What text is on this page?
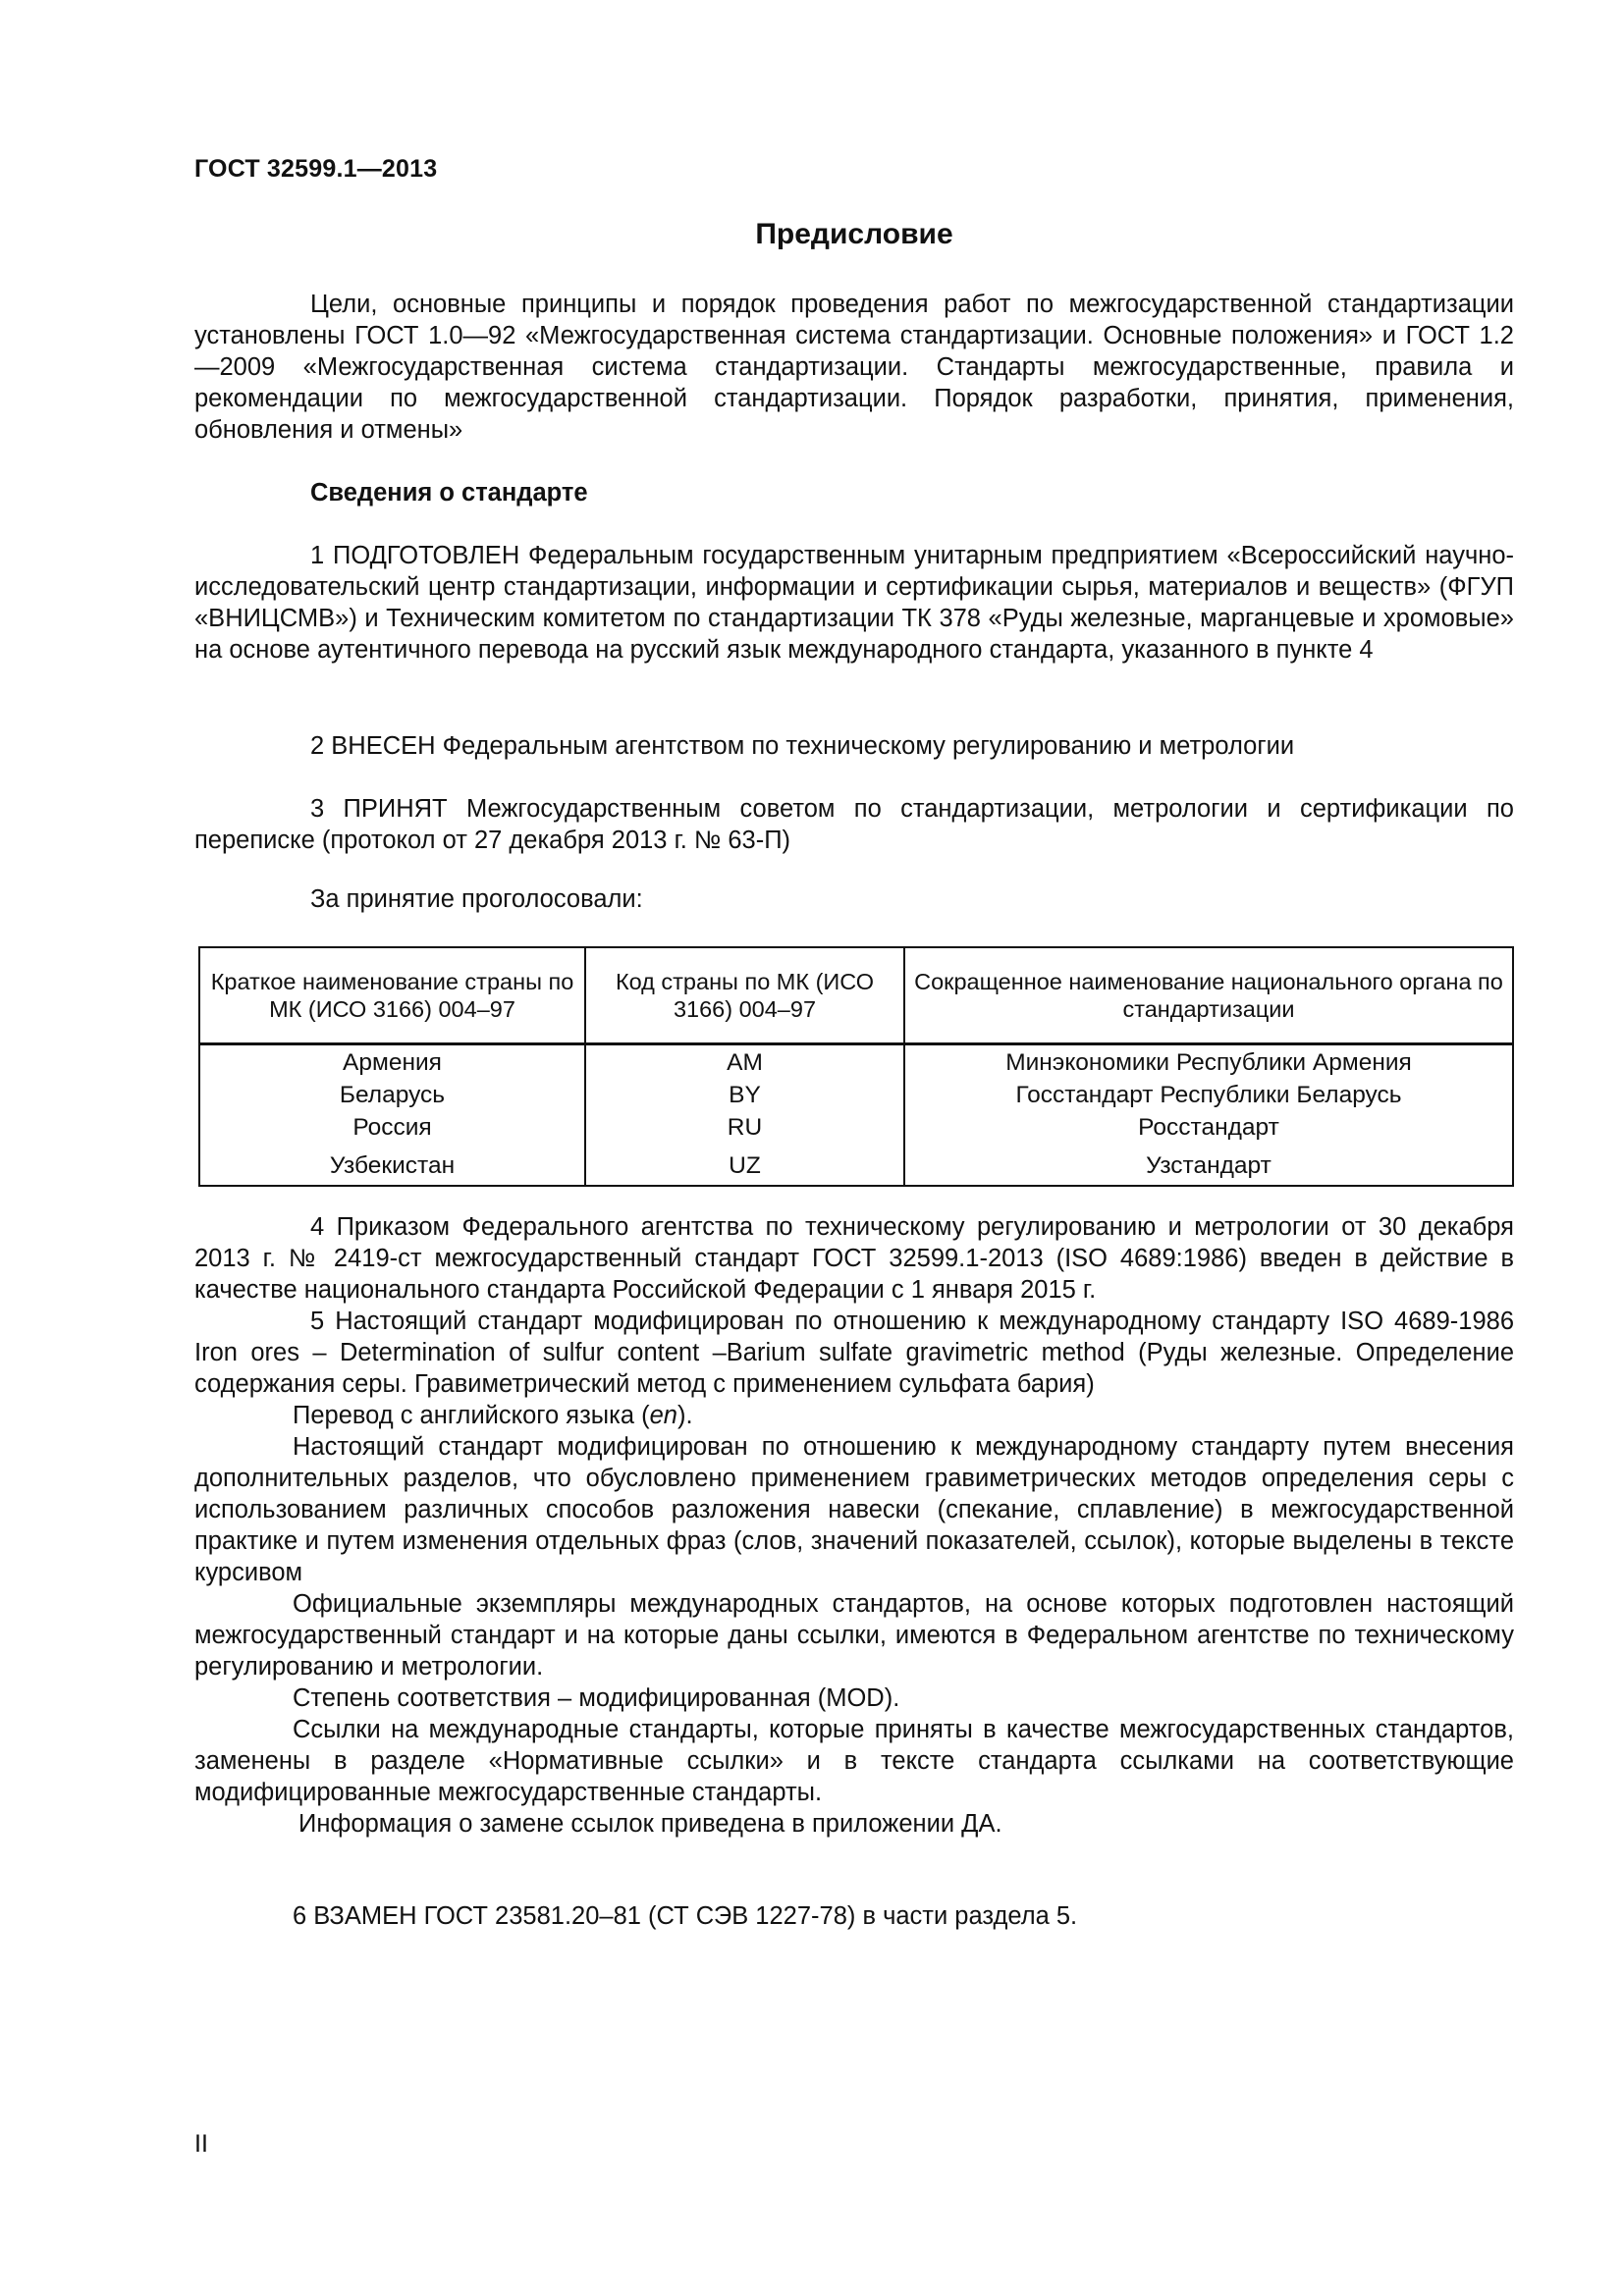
ГОСТ 32599.1—2013
Предисловие

Цели, основные принципы и порядок проведения работ по межгосударственной стандартизации установлены ГОСТ 1.0—92 «Межгосударственная система стандартизации. Основные положения» и ГОСТ 1.2—2009 «Межгосударственная система стандартизации. Стандарты межгосударственные, правила и рекомендации по межгосударственной стандартизации. Порядок разработки, принятия, применения, обновления и отмены»

Сведения о стандарте

1 ПОДГОТОВЛЕН Федеральным государственным унитарным предприятием «Всероссийский научно-исследовательский центр стандартизации, информации и сертификации сырья, материалов и веществ» (ФГУП «ВНИЦСМВ») и Техническим комитетом по стандартизации ТК 378 «Руды железные, марганцевые и хромовые» на основе аутентичного перевода на русский язык международного стандарта, указанного в пункте 4

2 ВНЕСЕН Федеральным агентством по техническому регулированию и метрологии

3 ПРИНЯТ Межгосударственным советом по стандартизации, метрологии и сертификации по переписке (протокол от 27 декабря 2013 г. № 63-П)

За принятие проголосовали:
Краткое наименование страны по МК (ИСО 3166) 004–97	Код страны по МК (ИСО 3166) 004–97	Сокращенное наименование национального органа по стандартизации
Армения	AM	Минэкономики Республики Армения
Беларусь	BY	Госстандарт Республики Беларусь
Россия	RU	Росстандарт
Узбекистан	UZ	Узстандарт

4 Приказом Федерального агентства по техническому регулированию и метрологии от 30 декабря 2013 г. № 2419-ст межгосударственный стандарт ГОСТ 32599.1-2013 (ISO 4689:1986) введен в действие в качестве национального стандарта Российской Федерации с 1 января 2015 г.

5 Настоящий стандарт модифицирован по отношению к международному стандарту ISO 4689-1986 Iron ores – Determination of sulfur content –Barium sulfate gravimetric method (Руды железные. Определение содержания серы. Гравиметрический метод с применением сульфата бария)

Перевод с английского языка (en).

Настоящий стандарт модифицирован по отношению к международному стандарту путем внесения дополнительных разделов, что обусловлено применением гравиметрических методов определения серы с использованием различных способов разложения навески (спекание, сплавление) в межгосударственной практике и путем изменения отдельных фраз (слов, значений показателей, ссылок), которые выделены в тексте курсивом

Официальные экземпляры международных стандартов, на основе которых подготовлен настоящий межгосударственный стандарт и на которые даны ссылки, имеются в Федеральном агентстве по техническому регулированию и метрологии.

Степень соответствия – модифицированная (MOD).

Ссылки на международные стандарты, которые приняты в качестве межгосударственных стандартов, заменены в разделе «Нормативные ссылки» и в тексте стандарта ссылками на соответствующие модифицированные межгосударственные стандарты.

Информация о замене ссылок приведена в приложении ДА.
6 ВЗАМЕН ГОСТ 23581.20–81 (СТ СЭВ 1227-78) в части раздела 5.
II
